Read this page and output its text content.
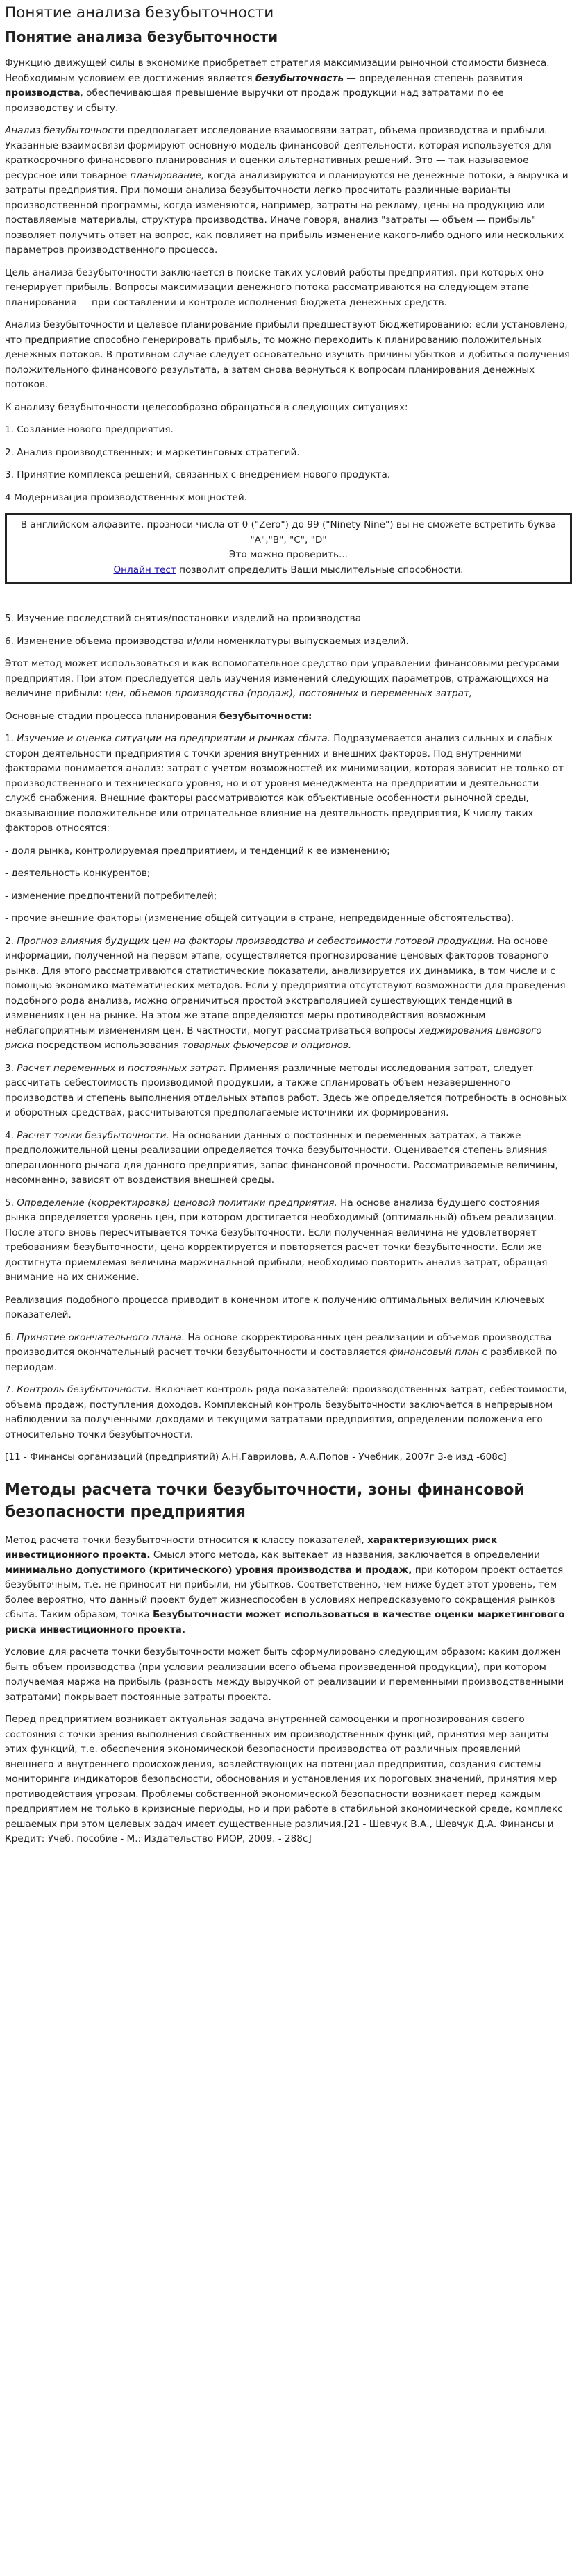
Понятие анализа безубыточности
Понятие анализа безубыточности

Функцию движущей силы в экономике приобретает стратегия максимизации рыночной стоимости бизнеса. Необходимым условием ее достижения является безубыточность — определенная степень развития производства, обеспечивающая превышение выручки от продаж продукции над затратами по ее производству и сбыту.

Анализ безубыточности предполагает исследование взаимосвязи затрат, объема производства и прибыли. Указанные взаимосвязи формируют основную модель финансовой деятельности, которая используется для краткосрочного финансового планирования и оценки альтернативных решений. Это — так называемое ресурсное или товарное планирование, когда анализируются и планируются не денежные потоки, а выручка и затраты предприятия. При помощи анализа безубыточности легко просчитать различные варианты производственной программы, когда изменяются, например, затраты на рекламу, цены на продукцию или поставляемые материалы, структура производства. Иначе говоря, анализ "затраты — объем — прибыль" позволяет получить ответ на вопрос, как повлияет на прибыль изменение какого-либо одного или нескольких параметров производственного процесса.

Цель анализа безубыточности заключается в поиске таких условий работы предприятия, при которых оно генерирует прибыль. Вопросы максимизации денежного потока рассматриваются на следующем этапе планирования — при составлении и контроле исполнения бюджета денежных средств.

Анализ безубыточности и целевое планирование прибыли предшествуют бюджетированию: если установлено, что предприятие способно генерировать прибыль, то можно переходить к планированию положительных денежных потоков. В противном случае следует основательно изучить причины убытков и добиться получения положительного финансового результата, а затем снова вернуться к вопросам планирования денежных потоков.

К анализу безубыточности целесообразно обращаться в следующих ситуациях:

1. Создание нового предприятия.

2. Анализ производственных; и маркетинговых стратегий.

3. Принятие комплекса решений, связанных с внедрением нового продукта.

4 Модернизация производственных мощностей.

В английском алфавите, прозноси числа от 0 ("Zero") до 99 ("Ninety Nine") вы не сможете встретить буква "A","B", "C", "D"
Это можно проверить...
Онлайн тест позволит определить Ваши мыслительные способности.

5. Изучение последствий снятия/постановки изделий на производства

6. Изменение объема производства и/или номенклатуры выпускаемых изделий.

Этот метод может использоваться и как вспомогательное средство при управлении финансовыми ресурсами предприятия. При этом преследуется цель изучения изменений следующих параметров, отражающихся на величине прибыли: цен, объемов производства (продаж), постоянных и переменных затрат,

Основные стадии процесса планирования безубыточности:

1. Изучение и оценка ситуации на предприятии и рынках сбыта. Подразумевается анализ сильных и слабых сторон деятельности предприятия с точки зрения внутренних и внешних факторов. Под внутренними факторами понимается анализ: затрат с учетом возможностей их минимизации, которая зависит не только от производственного и технического уровня, но и от уровня менеджмента на предприятии и деятельности служб снабжения. Внешние факторы рассматриваются как объективные особенности рыночной среды, оказывающие положительное или отрицательное влияние на деятельность предприятия, К числу таких факторов относятся:

- доля рынка, контролируемая предприятием, и тенденций к ее изменению;

- деятельность конкурентов;

- изменение предпочтений потребителей;

- прочие внешние факторы (изменение общей ситуации в стране, непредвиденные обстоятельства).

2. Прогноз влияния будущих цен на факторы производства и себестоимости готовой продукции. На основе информации, полученной на первом этапе, осуществляется прогнозирование ценовых факторов товарного рынка. Для этого рассматриваются статистические показатели, анализируется их динамика, в том числе и с помощью экономико-математических методов. Если у предприятия отсутствуют возможности для проведения подобного рода анализа, можно ограничиться простой экстраполяцией существующих тенденций в изменениях цен на рынке. На этом же этапе определяются меры противодействия возможным неблагоприятным изменениям цен. В частности, могут рассматриваться вопросы хеджирования ценового риска посредством использования товарных фьючерсов и опционов.

3. Расчет переменных и постоянных затрат. Применяя различные методы исследования затрат, следует рассчитать себестоимость производимой продукции, а также спланировать объем незавершенного производства и степень выполнения отдельных этапов работ. Здесь же определяется потребность в основных и оборотных средствах, рассчитываются предполагаемые источники их формирования.

4. Расчет точки безубыточности. На основании данных о постоянных и переменных затратах, а также предположительной цены реализации определяется точка безубыточности. Оценивается степень влияния операционного рычага для данного предприятия, запас финансовой прочности. Рассматриваемые величины, несомненно, зависят от воздействия внешней среды.

5. Определение (корректировка) ценовой политики предприятия. На основе анализа будущего состояния рынка определяется уровень цен, при котором достигается необходимый (оптимальный) объем реализации. После этого вновь пересчитывается точка безубыточности. Если полученная величина не удовлетворяет требованиям безубыточности, цена корректируется и повторяется расчет точки безубыточности. Если же достигнута приемлемая величина маржинальной прибыли, необходимо повторить анализ затрат, обращая внимание на их снижение.

Реализация подобного процесса приводит в конечном итоге к получению оптимальных величин ключевых показателей.

6. Принятие окончательного плана. На основе скорректированных цен реализации и объемов производства производится окончательный расчет точки безубыточности и составляется финансовый план с разбивкой по периодам.

7. Контроль безубыточности. Включает контроль ряда показателей: производственных затрат, себестоимости, объема продаж, поступления доходов. Комплексный контроль безубыточности заключается в непрерывном наблюдении за полученными доходами и текущими затратами предприятия, определении положения его относительно точки безубыточности.

[11 - Финансы организаций (предприятий) А.Н.Гаврилова, А.А.Попов - Учебник, 2007г 3-е изд -608с]

Методы расчета точки безубыточности, зоны финансовой безопасности предприятия

Метод расчета точки безубыточности относится к классу показателей, характеризующих риск инвестиционного проекта. Смысл этого метода, как вытекает из названия, заключается в определении минимально допустимого (критического) уровня производства и продаж, при котором проект остается безубыточным, т.е. не приносит ни прибыли, ни убытков. Соответственно, чем ниже будет этот уровень, тем более вероятно, что данный проект будет жизнеспособен в условиях непредсказуемого сокращения рынков сбыта. Таким образом, точка Безубыточности может использоваться в качестве оценки маркетингового риска инвестиционного проекта.

Условие для расчета точки безубыточности может быть сформулировано следующим образом: каким должен быть объем производства (при условии реализации всего объема произведенной продукции), при котором получаемая маржа на прибыль (разность между выручкой от реализации и переменными производственными затратами) покрывает постоянные затраты проекта.

Перед предприятием возникает актуальная задача внутренней самооценки и прогнозирования своего состояния с точки зрения выполнения свойственных им производственных функций, принятия мер защиты этих функций, т.е. обеспечения экономической безопасности производства от различных проявлений внешнего и внутреннего происхождения, воздействующих на потенциал предприятия, создания системы мониторинга индикаторов безопасности, обоснования и установления их пороговых значений, принятия мер противодействия угрозам. Проблемы собственной экономической безопасности возникает перед каждым предприятием не только в кризисные периоды, но и при работе в стабильной экономической среде, комплекс решаемых при этом целевых задач имеет существенные различия.[21 - Шевчук В.А., Шевчук Д.А. Финансы и Кредит: Учеб. пособие - М.: Издательство РИОР, 2009. - 288с]
